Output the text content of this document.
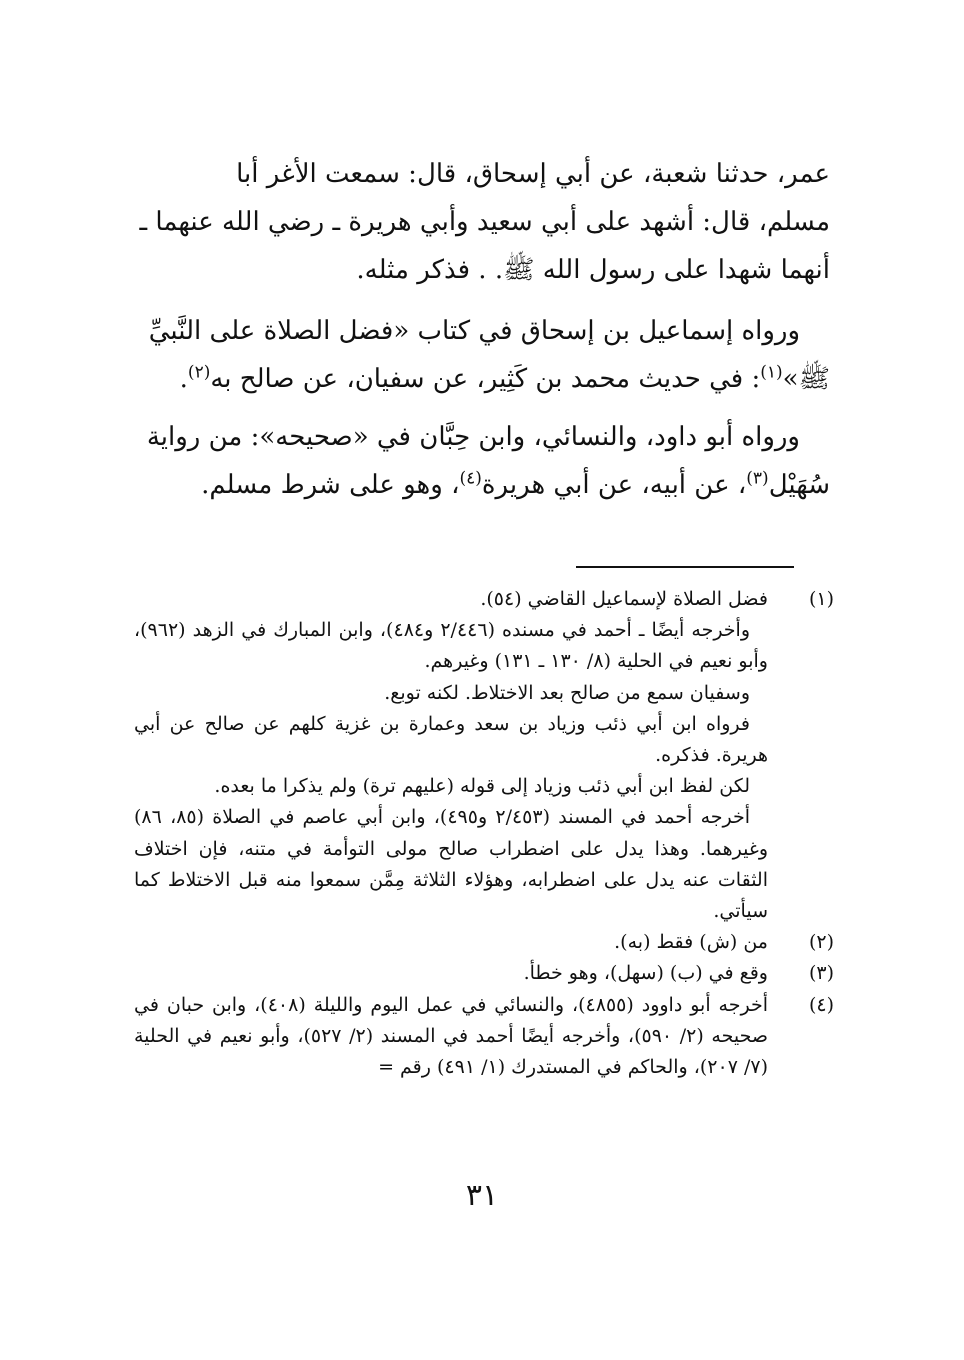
عمر، حدثنا شعبة، عن أبي إسحاق، قال: سمعت الأغر أبا
مسلم، قال: أشهد على أبي سعيد وأبي هريرة ـ رضي الله عنهما ـ
أنهما شهدا على رسول الله ﷺ. . فذكر مثله.
ورواه إسماعيل بن إسحاق في كتاب «فضل الصلاة على النَّبيِّ
ﷺ»$^{(١)}$: في حديث محمد بن كَثِير، عن سفيان، عن صالح به$^{(٢)}$.
ورواه أبو داود، والنسائي، وابن حِبَّان في «صحيحه»: من رواية
سُهَيْل$^{(٣)}$، عن أبيه، عن أبي هريرة$^{(٤)}$، وهو على شرط مسلم.
(١)
فضل الصلاة لإسماعيل القاضي (٥٤).
وأخرجه أيضًا ـ أحمد في مسنده (٢/٤٤٦ و٤٨٤)، وابن المبارك في الزهد (٩٦٢)، وأبو نعيم في الحلية (٨/ ١٣٠ ـ ١٣١) وغيرهم.
وسفيان سمع من صالح بعد الاختلاط. لكنه توبع.
فرواه ابن أبي ذئب وزياد بن سعد وعمارة بن غزية كلهم عن صالح عن أبي هريرة. فذكره.
لكن لفظ ابن أبي ذئب وزياد إلى قوله (عليهم ترة) ولم يذكرا ما بعده.
أخرجه أحمد في المسند (٢/٤٥٣ و٤٩٥)، وابن أبي عاصم في الصلاة (٨٥، ٨٦) وغيرهما. وهذا يدل على اضطراب صالح مولى التوأمة في متنه، فإن اختلاف الثقات عنه يدل على اضطرابه، وهؤلاء الثلاثة مِمَّن سمعوا منه قبل الاختلاط كما سيأتي.
(٢)
من (ش) فقط (به).
(٣)
وقع في (ب) (سهل)، وهو خطأ.
(٤)
أخرجه أبو داوود (٤٨٥٥)، والنسائي في عمل اليوم والليلة (٤٠٨)، وابن حبان في صحيحه (٢/ ٥٩٠)، وأخرجه أيضًا أحمد في المسند (٢/ ٥٢٧)، وأبو نعيم في الحلية (٧/ ٢٠٧)، والحاكم في المستدرك (١/ ٤٩١) رقم =
٣١
